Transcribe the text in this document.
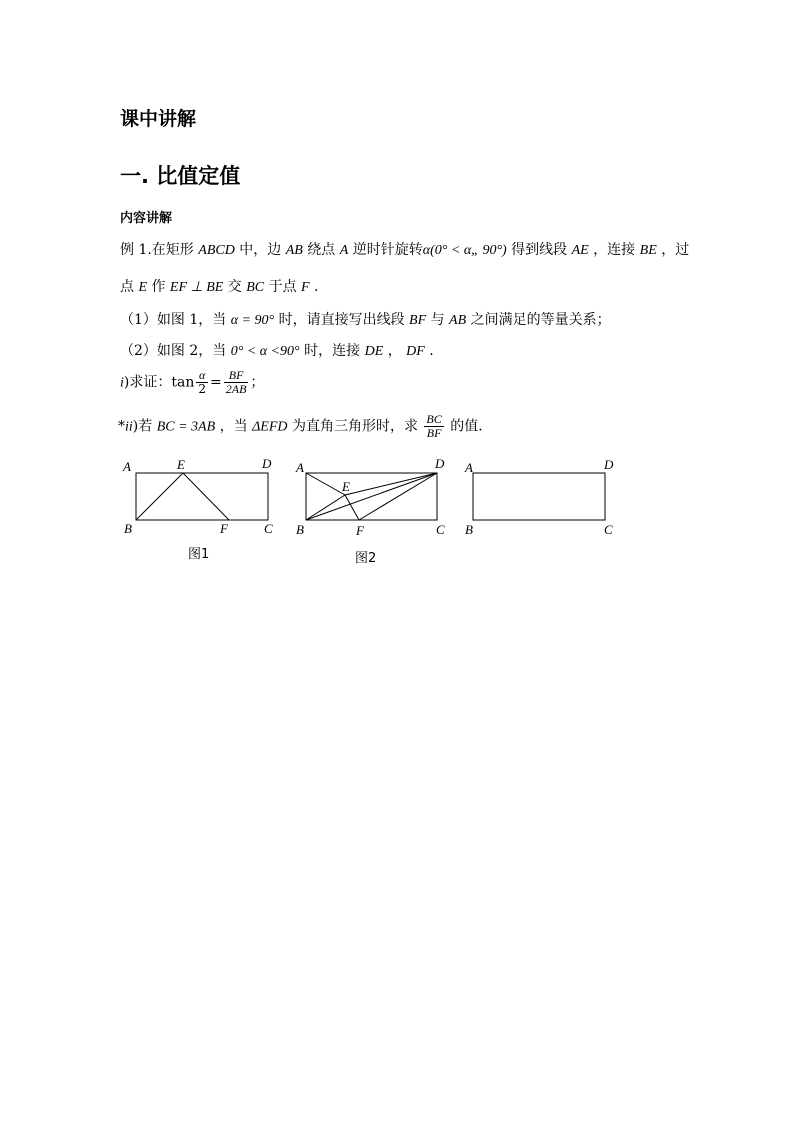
课中讲解
一. 比值定值
内容讲解
例 1.在矩形 ABCD 中，边 AB 绕点 A 逆时针旋转α(0° < α„ 90°) 得到线段 AE ，连接 BE ，过
点 E 作 EF ⊥ BE 交 BC 于点 F .
（1）如图 1，当 α = 90° 时，请直接写出线段 BF 与 AB 之间满足的等量关系；
（2）如图 2，当 0° < α <90° 时，连接 DE ， DF .
i)求证：$\tan \frac{\alpha}{2} = \frac{BF}{2AB}$ ；
*ii)若 BC = 3AB ，当 ΔEFD 为直角三角形时，求 $\frac{BC}{BF}$ 的值.
A	E	D
B	F	C
A
E
D
B	F	C
A	D
B	C
图1	图2
